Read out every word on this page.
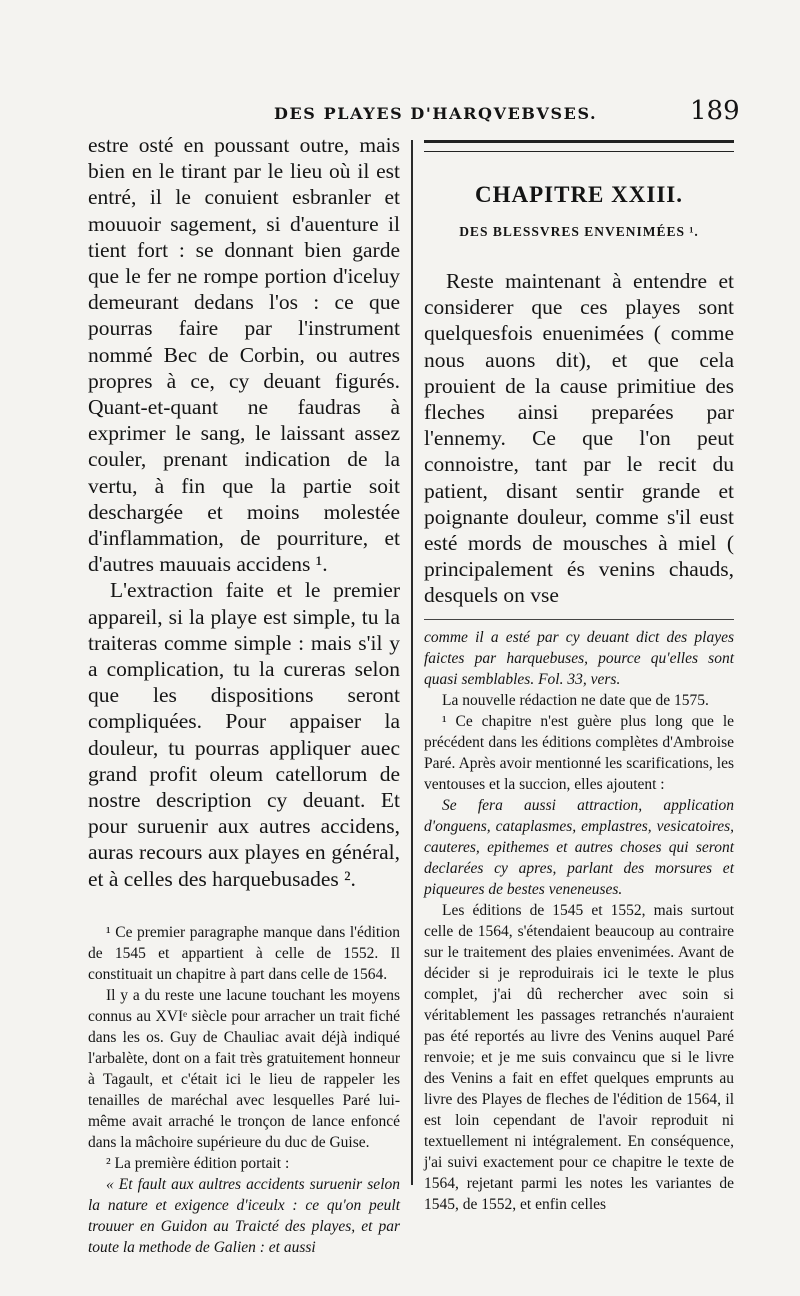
DES PLAYES D'HARQVEBVSES.	189

estre osté en poussant outre, mais bien en le tirant par le lieu où il est entré, il le conuient esbranler et mouuoir sagement, si d'auenture il tient fort : se donnant bien garde que le fer ne rompe portion d'iceluy demeurant dedans l'os : ce que pourras faire par l'instrument nommé Bec de Corbin, ou autres propres à ce, cy deuant figurés. Quant-et-quant ne faudras à exprimer le sang, le laissant assez couler, prenant indication de la vertu, à fin que la partie soit deschargée et moins molestée d'inflammation, de pourriture, et d'autres mauuais accidens ¹.

L'extraction faite et le premier appareil, si la playe est simple, tu la traiteras comme simple : mais s'il y a complication, tu la cureras selon que les dispositions seront compliquées. Pour appaiser la douleur, tu pourras appliquer auec grand profit oleum catellorum de nostre description cy deuant. Et pour suruenir aux autres accidens, auras recours aux playes en général, et à celles des harquebusades ².

¹ Ce premier paragraphe manque dans l'édition de 1545 et appartient à celle de 1552. Il constituait un chapitre à part dans celle de 1564.

Il y a du reste une lacune touchant les moyens connus au XVIᵉ siècle pour arracher un trait fiché dans les os. Guy de Chauliac avait déjà indiqué l'arbalète, dont on a fait très gratuitement honneur à Tagault, et c'était ici le lieu de rappeler les tenailles de maréchal avec lesquelles Paré lui-même avait arraché le tronçon de lance enfoncé dans la mâchoire supérieure du duc de Guise.

² La première édition portait :

« Et fault aux aultres accidents suruenir selon la nature et exigence d'iceulx : ce qu'on peult trouuer en Guidon au Traicté des playes, et par toute la methode de Galien : et aussi

CHAPITRE XXIII.
DES BLESSVRES ENVENIMÉES ¹.

Reste maintenant à entendre et considerer que ces playes sont quelquesfois enuenimées ( comme nous auons dit), et que cela prouient de la cause primitiue des fleches ainsi preparées par l'ennemy. Ce que l'on peut connoistre, tant par le recit du patient, disant sentir grande et poignante douleur, comme s'il eust esté mords de mousches à miel ( principalement és venins chauds, desquels on vse

comme il a esté par cy deuant dict des playes faictes par harquebuses, pource qu'elles sont quasi semblables. Fol. 33, vers.

La nouvelle rédaction ne date que de 1575.

¹ Ce chapitre n'est guère plus long que le précédent dans les éditions complètes d'Ambroise Paré. Après avoir mentionné les scarifications, les ventouses et la succion, elles ajoutent :

Se fera aussi attraction, application d'onguens, cataplasmes, emplastres, vesicatoires, cauteres, epithemes et autres choses qui seront declarées cy apres, parlant des morsures et piqueures de bestes veneneuses.

Les éditions de 1545 et 1552, mais surtout celle de 1564, s'étendaient beaucoup au contraire sur le traitement des plaies envenimées. Avant de décider si je reproduirais ici le texte le plus complet, j'ai dû rechercher avec soin si véritablement les passages retranchés n'auraient pas été reportés au livre des Venins auquel Paré renvoie; et je me suis convaincu que si le livre des Venins a fait en effet quelques emprunts au livre des Playes de fleches de l'édition de 1564, il est loin cependant de l'avoir reproduit ni textuellement ni intégralement. En conséquence, j'ai suivi exactement pour ce chapitre le texte de 1564, rejetant parmi les notes les variantes de 1545, de 1552, et enfin celles
